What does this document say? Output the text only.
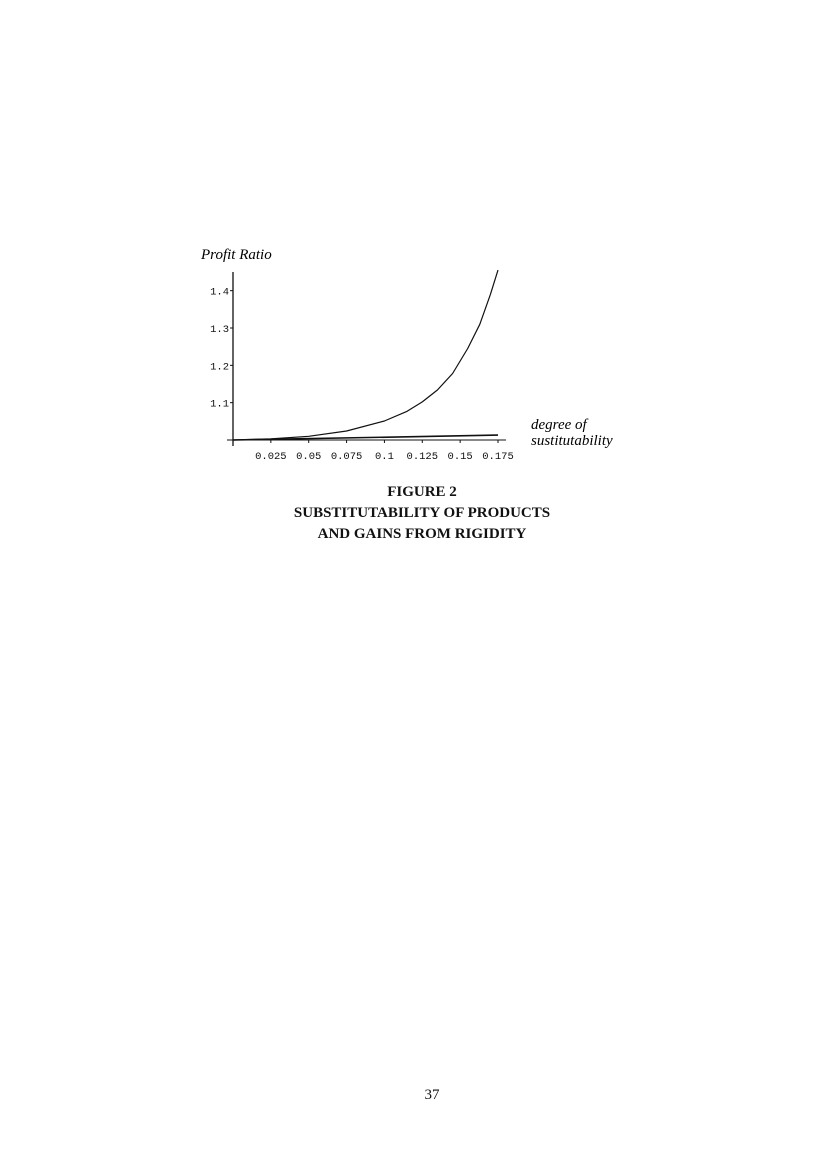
Profit Ratio
1.1
1.2
1.3
1.4
0.025 0.05 0.075 0.1 0.125 0.15 0.175
degree of
sustitutability
FIGURE 2
SUBSTITUTABILITY OF PRODUCTS
AND GAINS FROM RIGIDITY
37
